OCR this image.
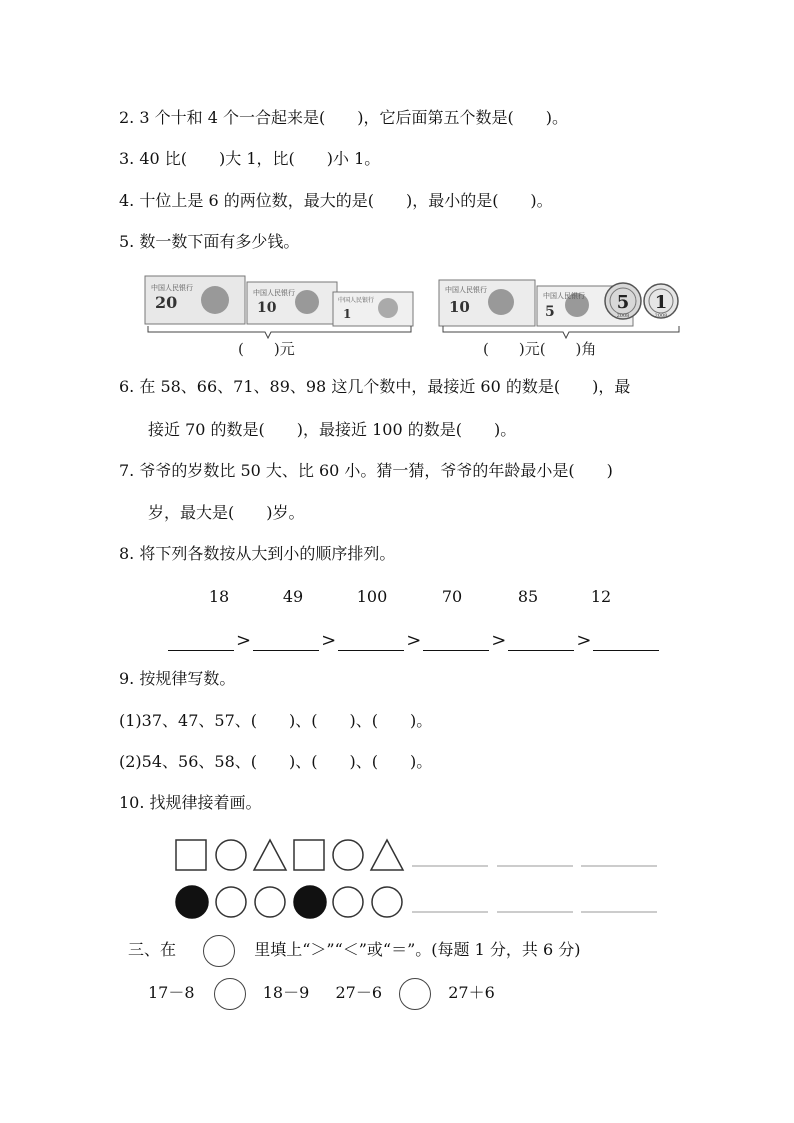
2. 3 个十和 4 个一合起来是(　　)，它后面第五个数是(　　)。
3. 40 比(　　)大 1，比(　　)小 1。
4. 十位上是 6 的两位数，最大的是(　　)，最小的是(　　)。
5. 数一数下面有多少钱。
中国人民银行
20	中国人民银行
10	中国人民银行
1
(　　)元
中国人民银行
10
中国人民银行
5	5
2008
1
2008
(　　)元(　　)角
6. 在 58、66、71、89、98 这几个数中，最接近 60 的数是(　　)，最
接近 70 的数是(　　)，最接近 100 的数是(　　)。
7. 爷爷的岁数比 50 大、比 60 小。猜一猜，爷爷的年龄最小是(　　)
岁，最大是(　　)岁。
8. 将下列各数按从大到小的顺序排列。
18	49	100	70	85	12
>	>	>	>	>
9. 按规律写数。
(1)37、47、57、(　　)、(　　)、(　　)。
(2)54、56、58、(　　)、(　　)、(　　)。
10. 找规律接着画。
三、在	里填上“＞”“＜”或“＝”。(每题 1 分，共 6 分)
17－8	18－9 27－6	27＋6
